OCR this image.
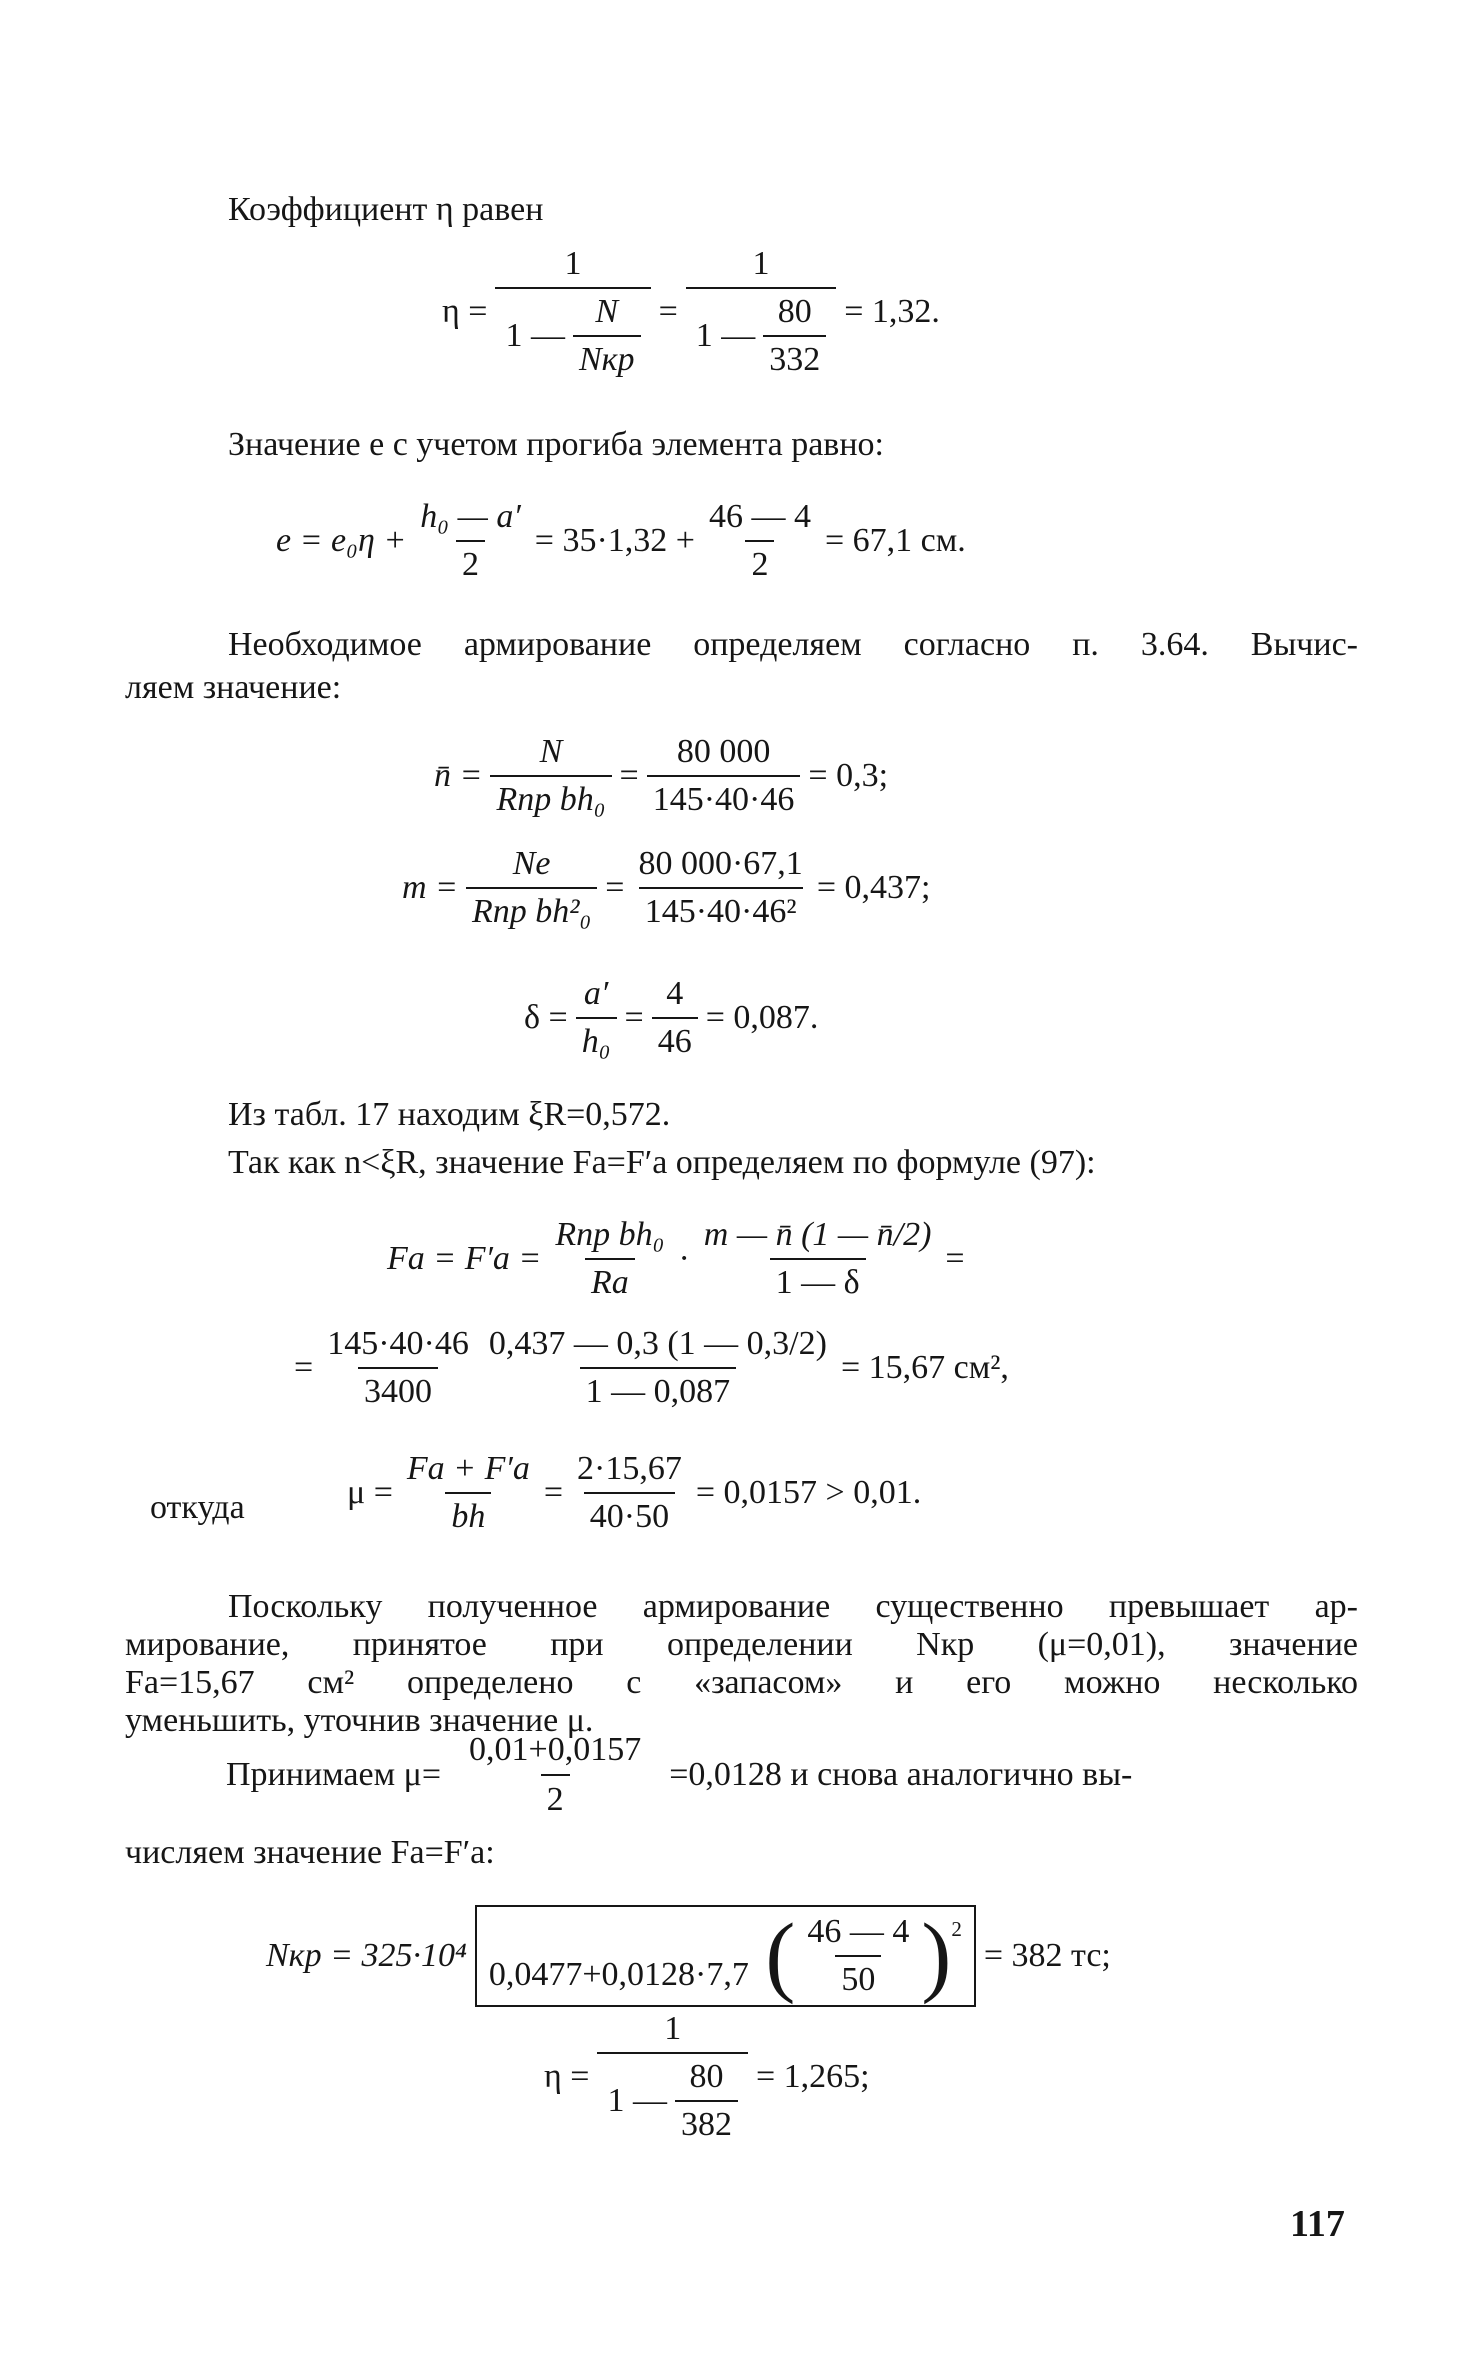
Коэффициент η равен
$\eta = \frac{1}{1 — \frac{N}{\text{Nкр}}} = \frac{1}{1 — \frac{80}{332}} = 1,32$.
Значение e с учетом прогиба элемента равно:
$e = e_0\eta + \frac{\text{h₀ — a′}}{2} = 35\cdot 1,32 + \frac{46 — 4}{2} = 67,1$ см.
Необходимое армирование определяем согласно п. 3.64. Вычис-
ляем значение:
n̄ = $\frac{N}{\text{Rпр bh₀}} = \frac{80 000}{145\cdot 40\cdot 46} = 0,3$;
$m = \frac{Ne}{\text{Rпр bh²₀}} = \frac{80 000\cdot 67,1}{\text{145·40·46²}} = 0,437$;
$\delta = \frac{a'}{\text{h₀}} = \frac{4}{46} = 0,087$.
Из табл. 17 находим ξR=0,572.
Так как n<ξR, значение Fa=F′a определяем по формуле (97):
$Fa = F'a = \frac{\text{Rпр bh₀}}{Ra} \cdot \frac{m — n̄ (1 — n̄/2)}{1 — \delta}$ =
= $\frac{145\cdot 40\cdot 46}{3400} \frac{0,437 — 0,3 (1 — 0,3/2)}{1 — 0,087} = 15,67$ см²,
откуда	$\mu = \frac{Fa + F'a}{bh} = \frac{2\cdot 15,67}{40\cdot 50} = 0,0157 > 0,01$.
Поскольку полученное армирование существенно превышает ар-
мирование, принятое при определении Nкр (μ=0,01), значение
Fa=15,67 см² определено с «запасом» и его можно несколько
уменьшить, уточнив значение μ.
Принимаем $\mu= \frac{0,01+0,0157}{2} =0,0128$ и снова аналогично вы-
числяем значение Fa=F′a:
Nкр = 325·10⁴
0,0477+0,0128·7,7 ( $\frac{46 — 4}{50}$ ) 2
= 382 тс;
$\eta = \frac{1}{1 — \frac{80}{382}} = 1,265$;
117
